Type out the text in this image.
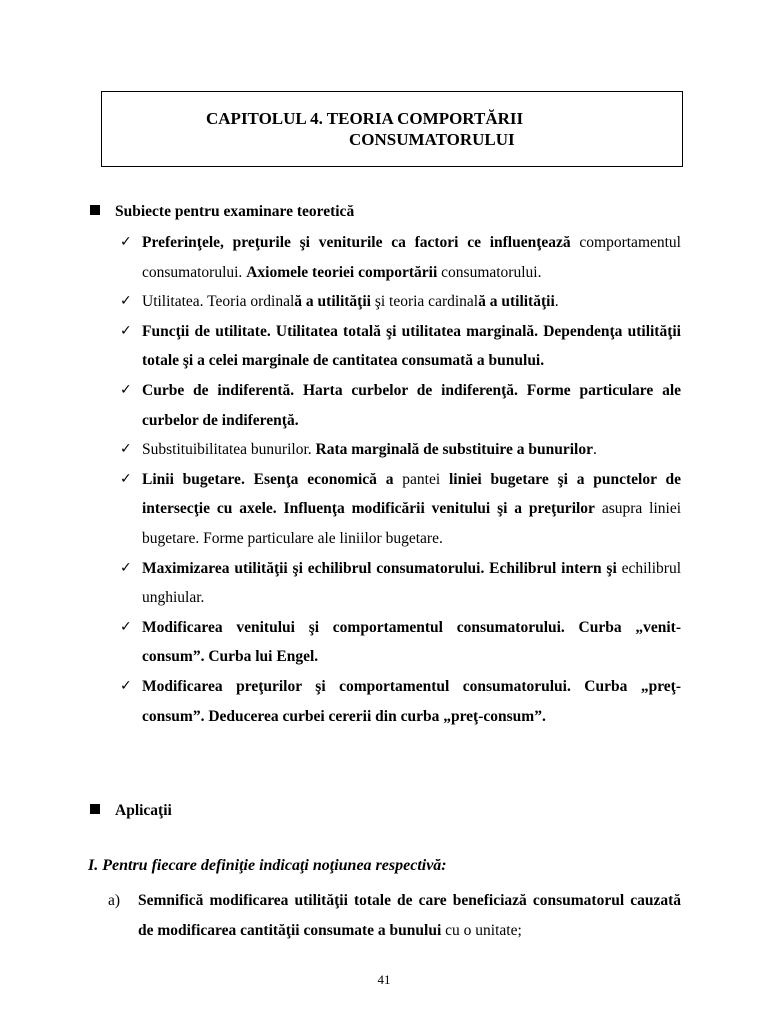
CAPITOLUL 4. TEORIA COMPORTĂRII
CONSUMATORULUI
Subiecte pentru examinare teoretică
✓ Preferinţele, preţurile şi veniturile ca factori ce influenţează comportamentul consumatorului. Axiomele teoriei comportării consumatorului.
✓ Utilitatea. Teoria ordinală a utilităţii şi teoria cardinală a utilităţii.
✓ Funcţii de utilitate. Utilitatea totală şi utilitatea marginală. Dependenţa utilităţii totale şi a celei marginale de cantitatea consumată a bunului.
✓ Curbe de indiferentă. Harta curbelor de indiferenţă. Forme particulare ale curbelor de indiferenţă.
✓ Substituibilitatea bunurilor. Rata marginală de substituire a bunurilor.
✓ Linii bugetare. Esenţa economică a pantei liniei bugetare şi a punctelor de intersecţie cu axele. Influenţa modificării venitului şi a preţurilor asupra liniei bugetare. Forme particulare ale liniilor bugetare.
✓ Maximizarea utilităţii şi echilibrul consumatorului. Echilibrul intern şi echilibrul unghiular.
✓ Modificarea venitului şi comportamentul consumatorului. Curba „venit-consum”. Curba lui Engel.
✓ Modificarea preţurilor şi comportamentul consumatorului. Curba „preţ-consum”. Deducerea curbei cererii din curba „preţ-consum”.
Aplicaţii
I. Pentru fiecare definiţie indicaţi noţiunea respectivă:
a) Semnifică modificarea utilităţii totale de care beneficiază consumatorul cauzată de modificarea cantităţii consumate a bunului cu o unitate;
41
